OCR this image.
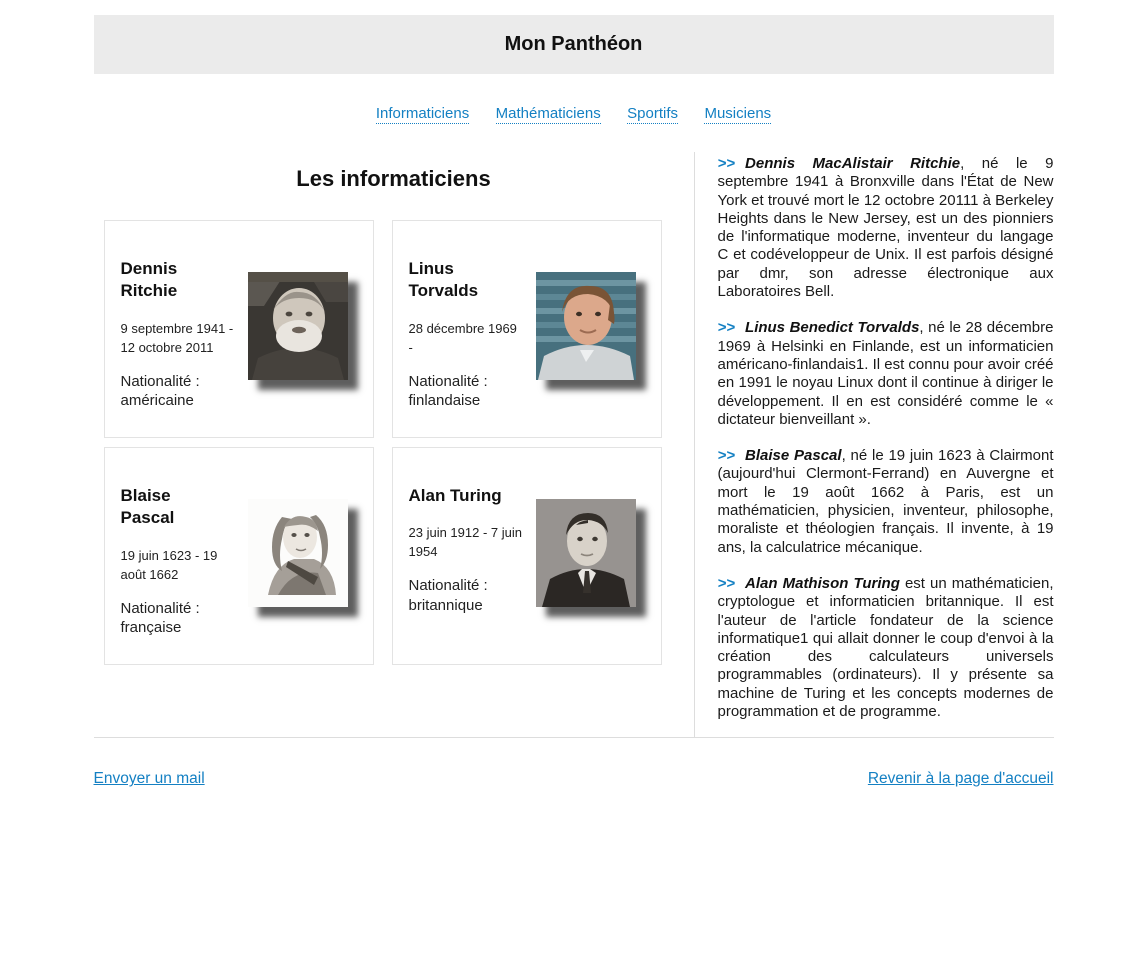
Mon Panthéon
Informaticiens Mathématiciens Sportifs Musiciens
Les informaticiens
Dennis Ritchie
9 septembre 1941 - 12 octobre 2011
Nationalité : américaine
Linus Torvalds
28 décembre 1969 -
Nationalité : finlandaise
Blaise Pascal
19 juin 1623 - 19 août 1662
Nationalité : française
Alan Turing
23 juin 1912 - 7 juin 1954
Nationalité : britannique

>> Dennis MacAlistair Ritchie, né le 9 septembre 1941 à Bronxville dans l'État de New York et trouvé mort le 12 octobre 20111 à Berkeley Heights dans le New Jersey, est un des pionniers de l'informatique moderne, inventeur du langage C et codéveloppeur de Unix. Il est parfois désigné par dmr, son adresse électronique aux Laboratoires Bell.

>> Linus Benedict Torvalds, né le 28 décembre 1969 à Helsinki en Finlande, est un informaticien américano-finlandais1. Il est connu pour avoir créé en 1991 le noyau Linux dont il continue à diriger le développement. Il en est considéré comme le « dictateur bienveillant ».

>> Blaise Pascal, né le 19 juin 1623 à Clairmont (aujourd'hui Clermont-Ferrand) en Auvergne et mort le 19 août 1662 à Paris, est un mathématicien, physicien, inventeur, philosophe, moraliste et théologien français. Il invente, à 19 ans, la calculatrice mécanique.

>> Alan Mathison Turing est un mathématicien, cryptologue et informaticien britannique. Il est l'auteur de l'article fondateur de la science informatique1 qui allait donner le coup d'envoi à la création des calculateurs universels programmables (ordinateurs). Il y présente sa machine de Turing et les concepts modernes de programmation et de programme.

Envoyer un mail	Revenir à la page d'accueil
